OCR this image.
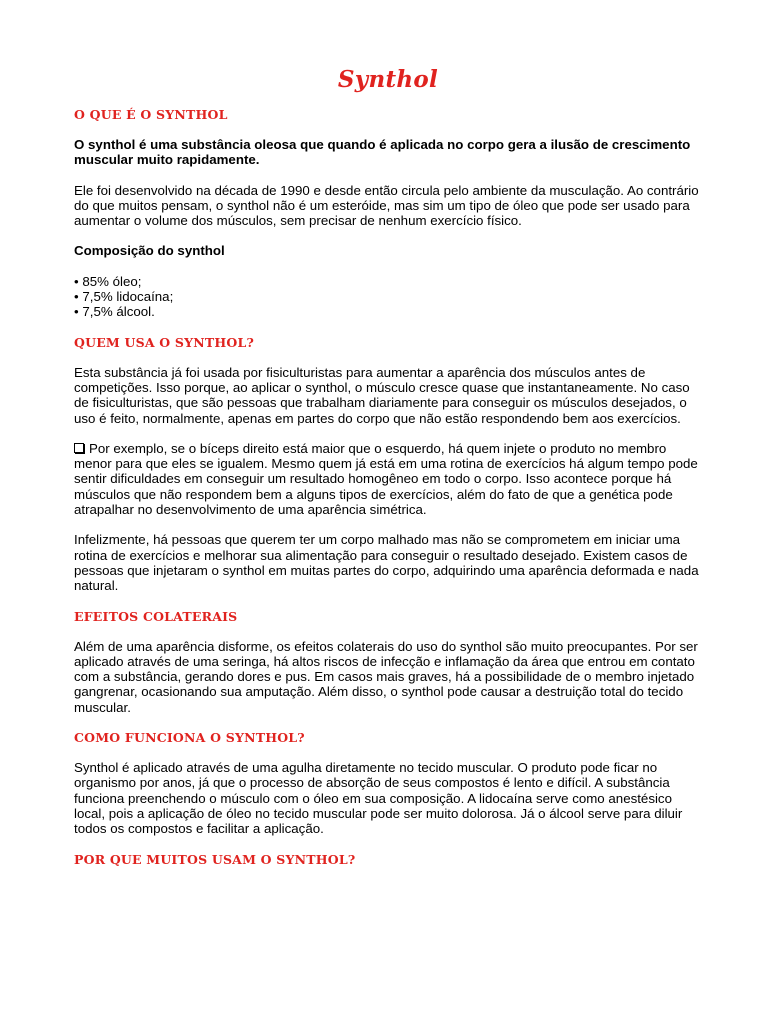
Synthol
O QUE É O SYNTHOL

O synthol é uma substância oleosa que quando é aplicada no corpo gera a ilusão de crescimento muscular muito rapidamente.

Ele foi desenvolvido na década de 1990 e desde então circula pelo ambiente da musculação. Ao contrário do que muitos pensam, o synthol não é um esteróide, mas sim um tipo de óleo que pode ser usado para aumentar o volume dos músculos, sem precisar de nenhum exercício físico.

Composição do synthol
• 85% óleo;
• 7,5% lidocaína;
• 7,5% álcool.
QUEM USA O SYNTHOL?

Esta substância já foi usada por fisiculturistas para aumentar a aparência dos músculos antes de competições. Isso porque, ao aplicar o synthol, o músculo cresce quase que instantaneamente. No caso de fisiculturistas, que são pessoas que trabalham diariamente para conseguir os músculos desejados, o uso é feito, normalmente, apenas em partes do corpo que não estão respondendo bem aos exercícios.

Por exemplo, se o bíceps direito está maior que o esquerdo, há quem injete o produto no membro menor para que eles se igualem. Mesmo quem já está em uma rotina de exercícios há algum tempo pode sentir dificuldades em conseguir um resultado homogêneo em todo o corpo. Isso acontece porque há músculos que não respondem bem a alguns tipos de exercícios, além do fato de que a genética pode atrapalhar no desenvolvimento de uma aparência simétrica.

Infelizmente, há pessoas que querem ter um corpo malhado mas não se comprometem em iniciar uma rotina de exercícios e melhorar sua alimentação para conseguir o resultado desejado. Existem casos de pessoas que injetaram o synthol em muitas partes do corpo, adquirindo uma aparência deformada e nada natural.

EFEITOS COLATERAIS

Além de uma aparência disforme, os efeitos colaterais do uso do synthol são muito preocupantes. Por ser aplicado através de uma seringa, há altos riscos de infecção e inflamação da área que entrou em contato com a substância, gerando dores e pus. Em casos mais graves, há a possibilidade de o membro injetado gangrenar, ocasionando sua amputação. Além disso, o synthol pode causar a destruição total do tecido muscular.

COMO FUNCIONA O SYNTHOL?

Synthol é aplicado através de uma agulha diretamente no tecido muscular. O produto pode ficar no organismo por anos, já que o processo de absorção de seus compostos é lento e difícil. A substância funciona preenchendo o músculo com o óleo em sua composição. A lidocaína serve como anestésico local, pois a aplicação de óleo no tecido muscular pode ser muito dolorosa. Já o álcool serve para diluir todos os compostos e facilitar a aplicação.

POR QUE MUITOS USAM O SYNTHOL?
